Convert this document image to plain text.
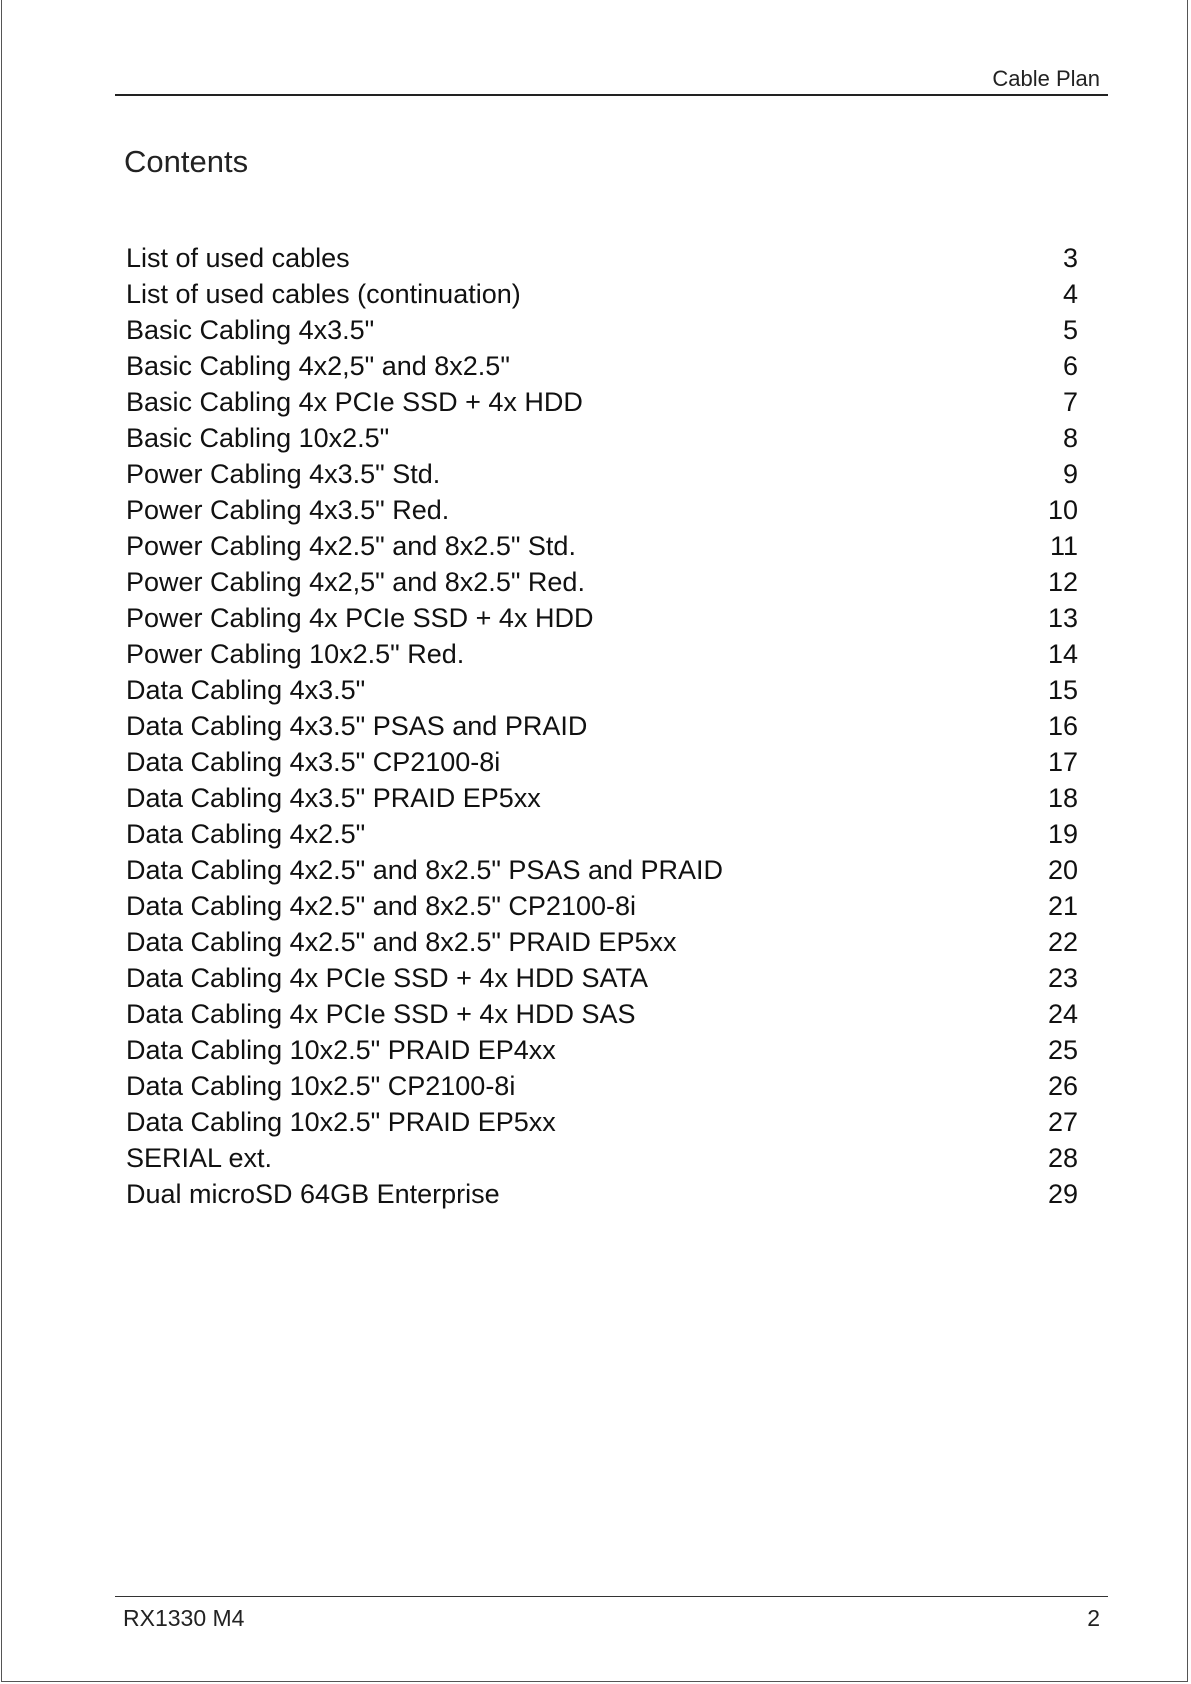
Cable Plan
Contents
List of used cables	3
List of used cables (continuation)	4
Basic Cabling 4x3.5"	5
Basic Cabling 4x2,5" and 8x2.5"	6
Basic Cabling 4x PCIe SSD + 4x HDD	7
Basic Cabling 10x2.5"	8
Power Cabling 4x3.5" Std.	9
Power Cabling 4x3.5" Red.	10
Power Cabling 4x2.5" and 8x2.5" Std.	11
Power Cabling 4x2,5" and 8x2.5" Red.	12
Power Cabling 4x PCIe SSD + 4x HDD	13
Power Cabling 10x2.5" Red.	14
Data Cabling 4x3.5"	15
Data Cabling 4x3.5" PSAS and PRAID	16
Data Cabling 4x3.5" CP2100-8i	17
Data Cabling 4x3.5" PRAID EP5xx	18
Data Cabling 4x2.5"	19
Data Cabling 4x2.5" and 8x2.5" PSAS and PRAID	20
Data Cabling 4x2.5" and 8x2.5" CP2100-8i	21
Data Cabling 4x2.5" and 8x2.5" PRAID EP5xx	22
Data Cabling 4x PCIe SSD + 4x HDD SATA	23
Data Cabling 4x PCIe SSD + 4x HDD SAS	24
Data Cabling 10x2.5" PRAID EP4xx	25
Data Cabling 10x2.5" CP2100-8i	26
Data Cabling 10x2.5" PRAID EP5xx	27
SERIAL ext.	28
Dual microSD 64GB Enterprise	29
RX1330 M4	2
